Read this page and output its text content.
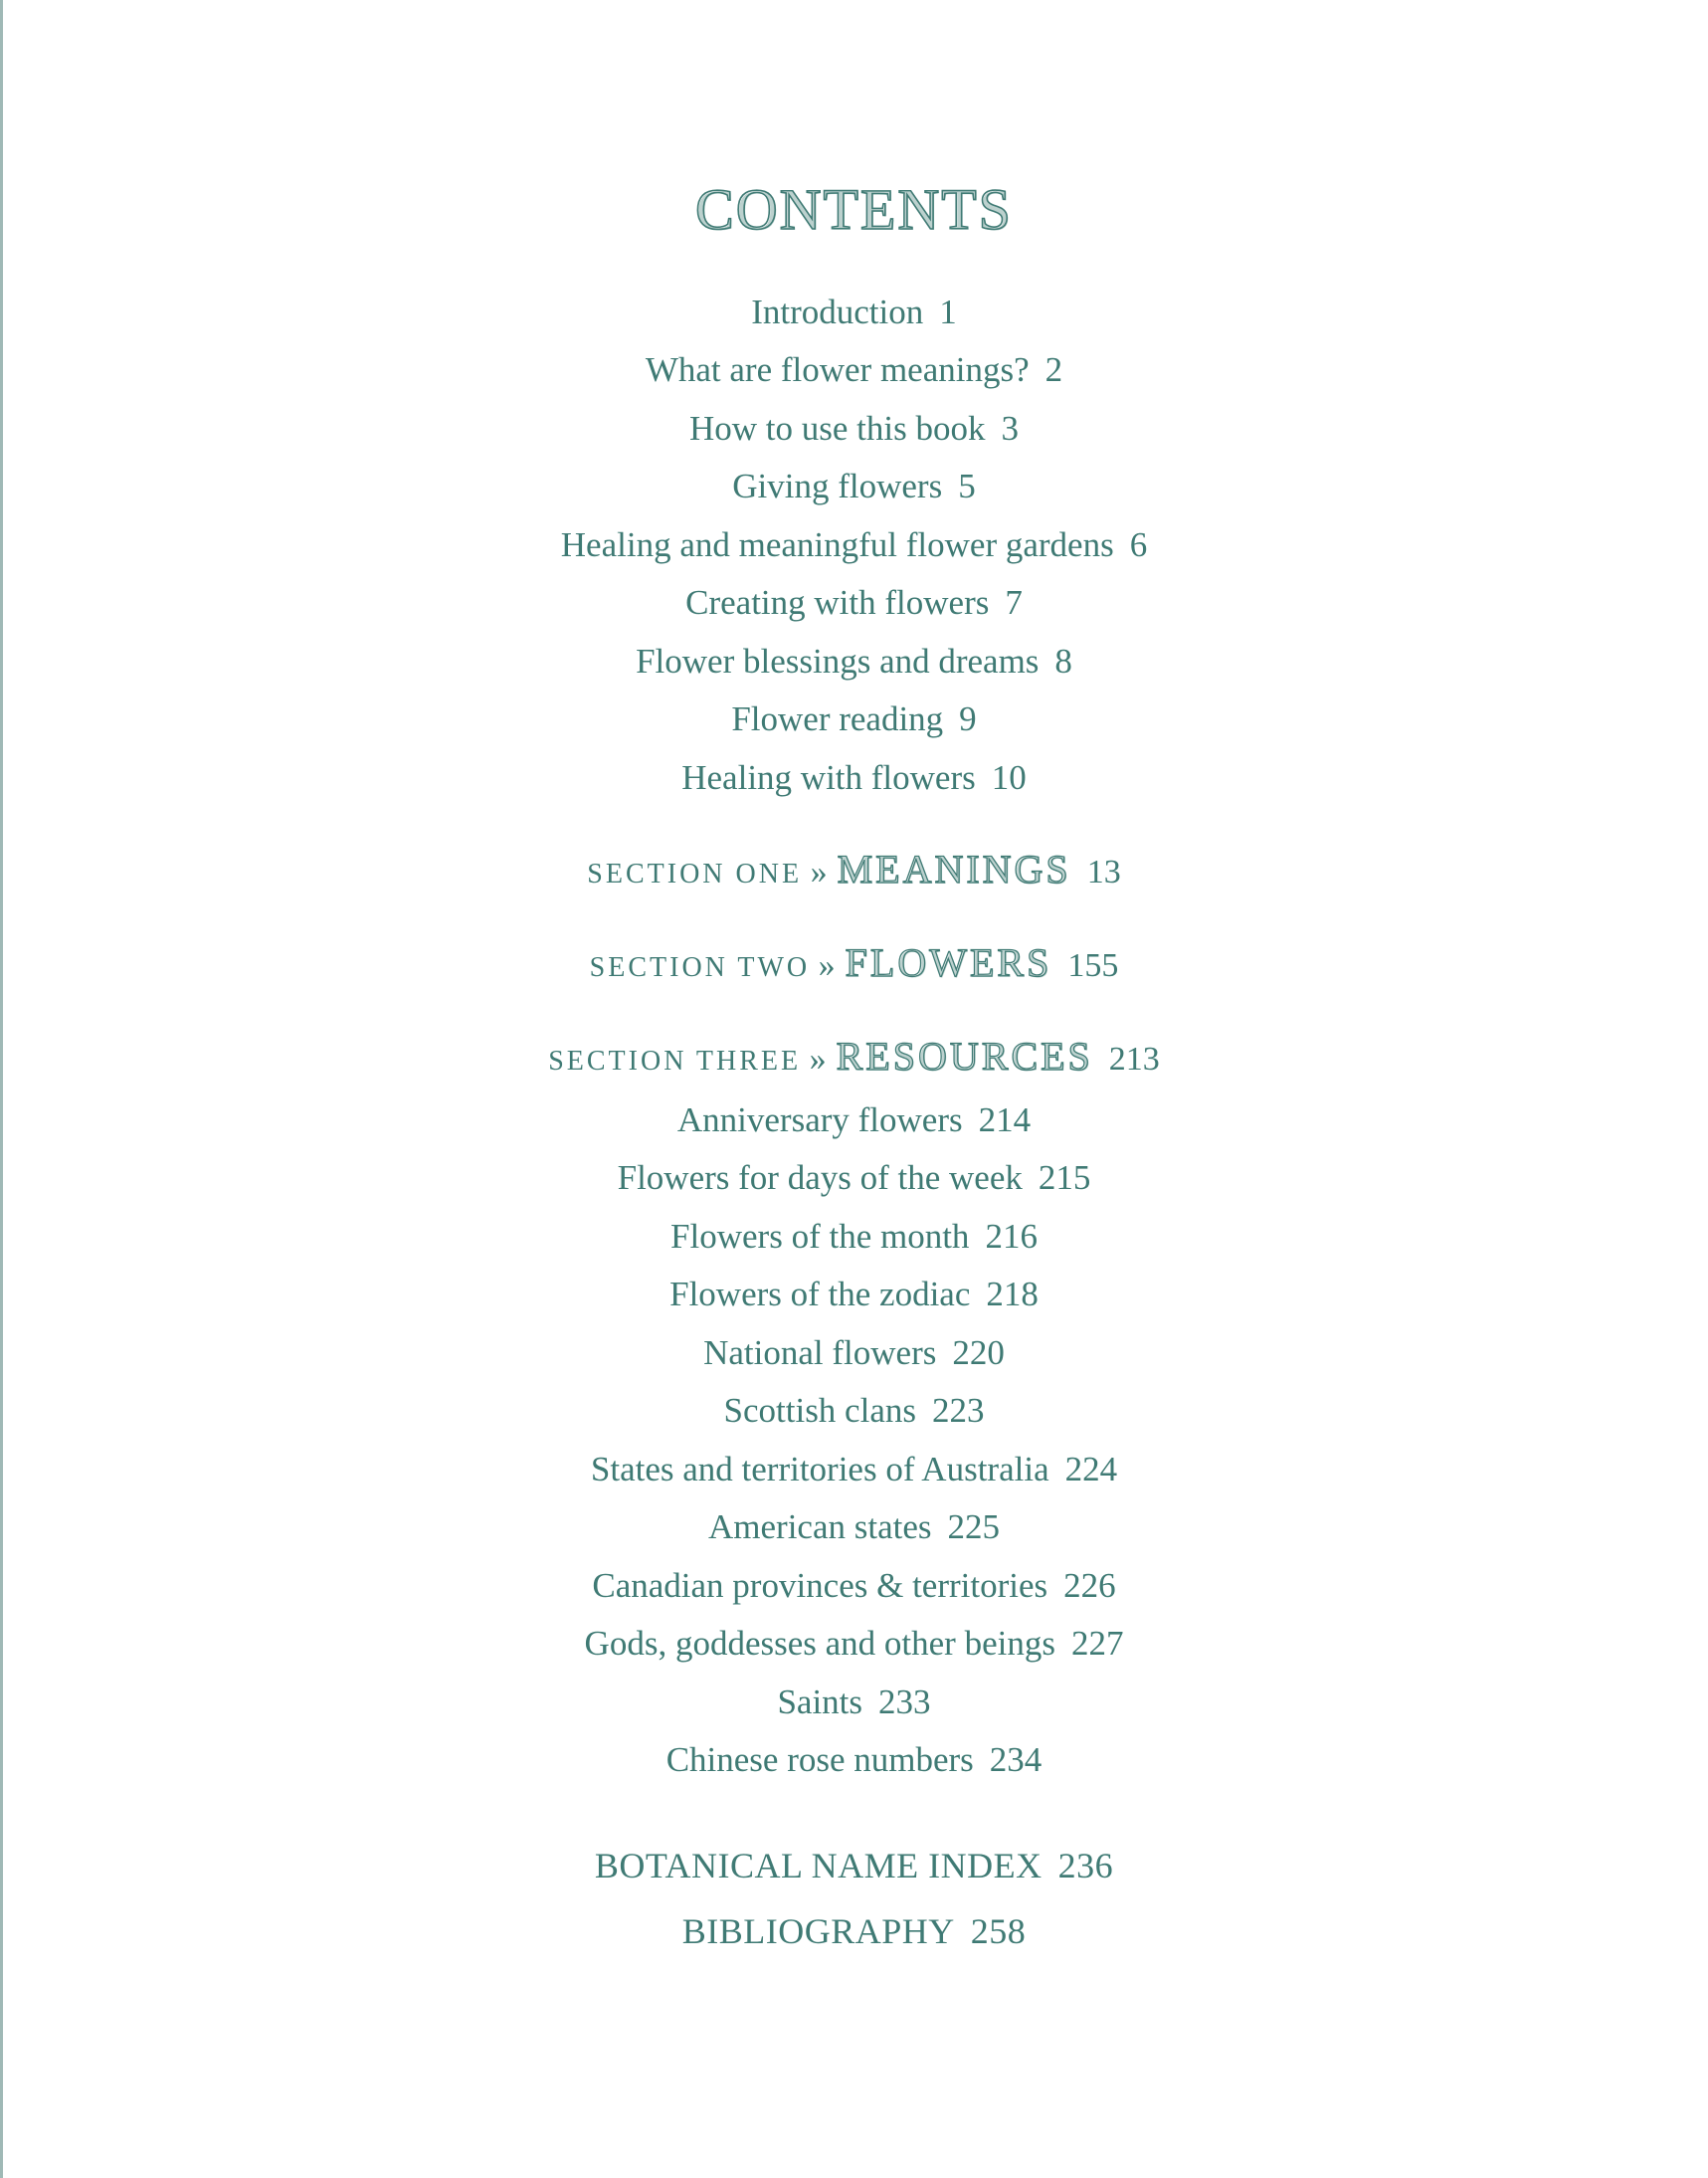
CONTENTS
Introduction 1
What are flower meanings? 2
How to use this book 3
Giving flowers 5
Healing and meaningful flower gardens 6
Creating with flowers 7
Flower blessings and dreams 8
Flower reading 9
Healing with flowers 10
SECTION ONE » MEANINGS 13
SECTION TWO » FLOWERS 155
SECTION THREE » RESOURCES 213
Anniversary flowers 214
Flowers for days of the week 215
Flowers of the month 216
Flowers of the zodiac 218
National flowers 220
Scottish clans 223
States and territories of Australia 224
American states 225
Canadian provinces & territories 226
Gods, goddesses and other beings 227
Saints 233
Chinese rose numbers 234
BOTANICAL NAME INDEX 236
BIBLIOGRAPHY 258
